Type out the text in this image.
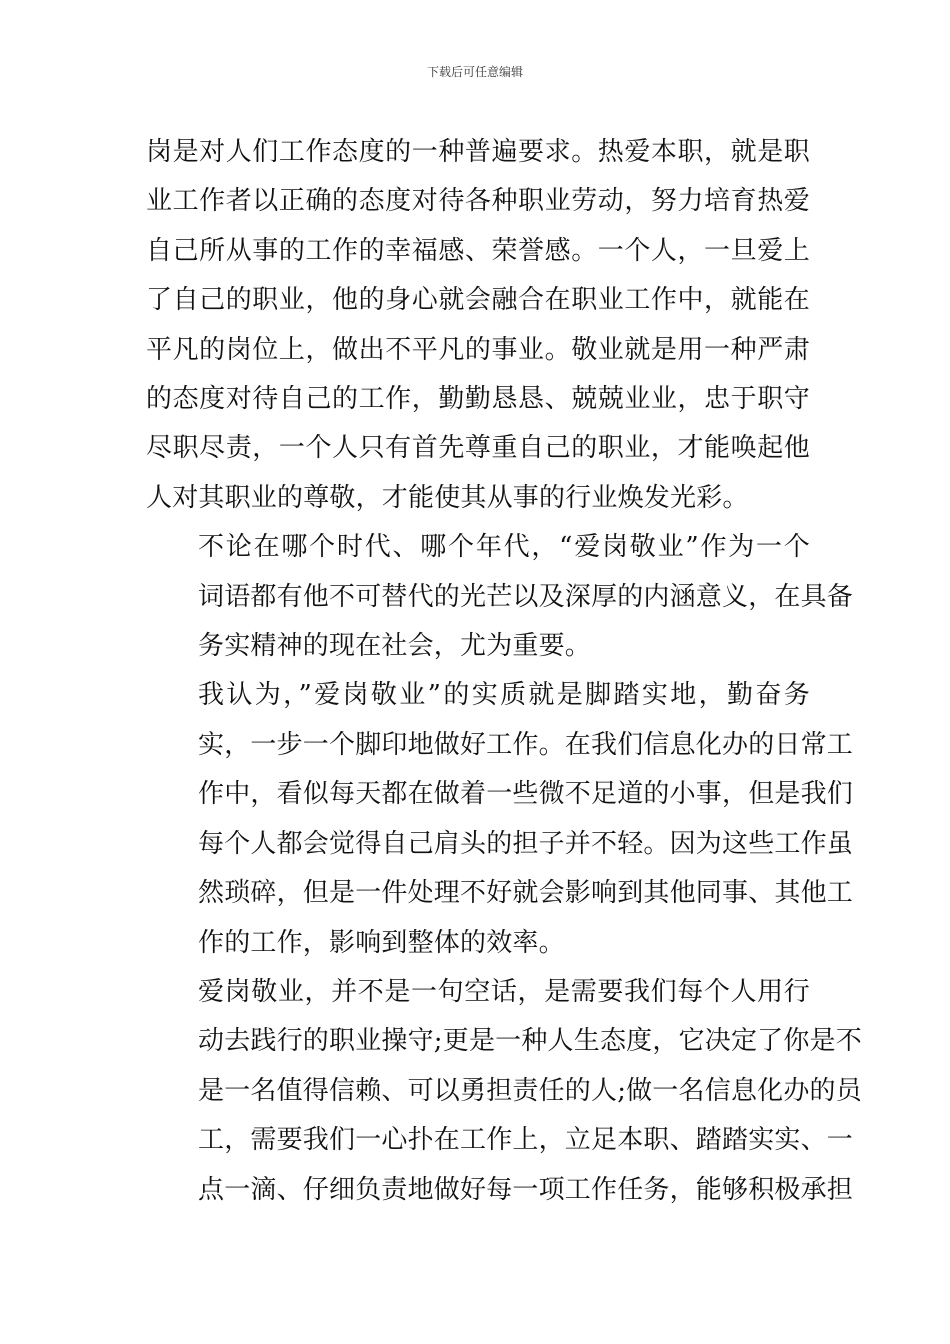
下载后可任意编辑

岗是对人们工作态度的一种普遍要求。热爱本职，就是职
业工作者以正确的态度对待各种职业劳动，努力培育热爱
自己所从事的工作的幸福感、荣誉感。一个人，一旦爱上
了自己的职业，他的身心就会融合在职业工作中，就能在
平凡的岗位上，做出不平凡的事业。敬业就是用一种严肃
的态度对待自己的工作，勤勤恳恳、兢兢业业，忠于职守
尽职尽责，一个人只有首先尊重自己的职业，才能唤起他
人对其职业的尊敬，才能使其从事的行业焕发光彩。

不论在哪个时代、哪个年代，“爱岗敬业”作为一个
词语都有他不可替代的光芒以及深厚的内涵意义，在具备
务实精神的现在社会，尤为重要。

我认为，”爱岗敬业”的实质就是脚踏实地，勤奋务
实，一步一个脚印地做好工作。在我们信息化办的日常工
作中，看似每天都在做着一些微不足道的小事，但是我们
每个人都会觉得自己肩头的担子并不轻。因为这些工作虽
然琐碎，但是一件处理不好就会影响到其他同事、其他工
作的工作，影响到整体的效率。

爱岗敬业，并不是一句空话，是需要我们每个人用行
动去践行的职业操守;更是一种人生态度，它决定了你是不
是一名值得信赖、可以勇担责任的人;做一名信息化办的员
工，需要我们一心扑在工作上，立足本职、踏踏实实、一
点一滴、仔细负责地做好每一项工作任务，能够积极承担
